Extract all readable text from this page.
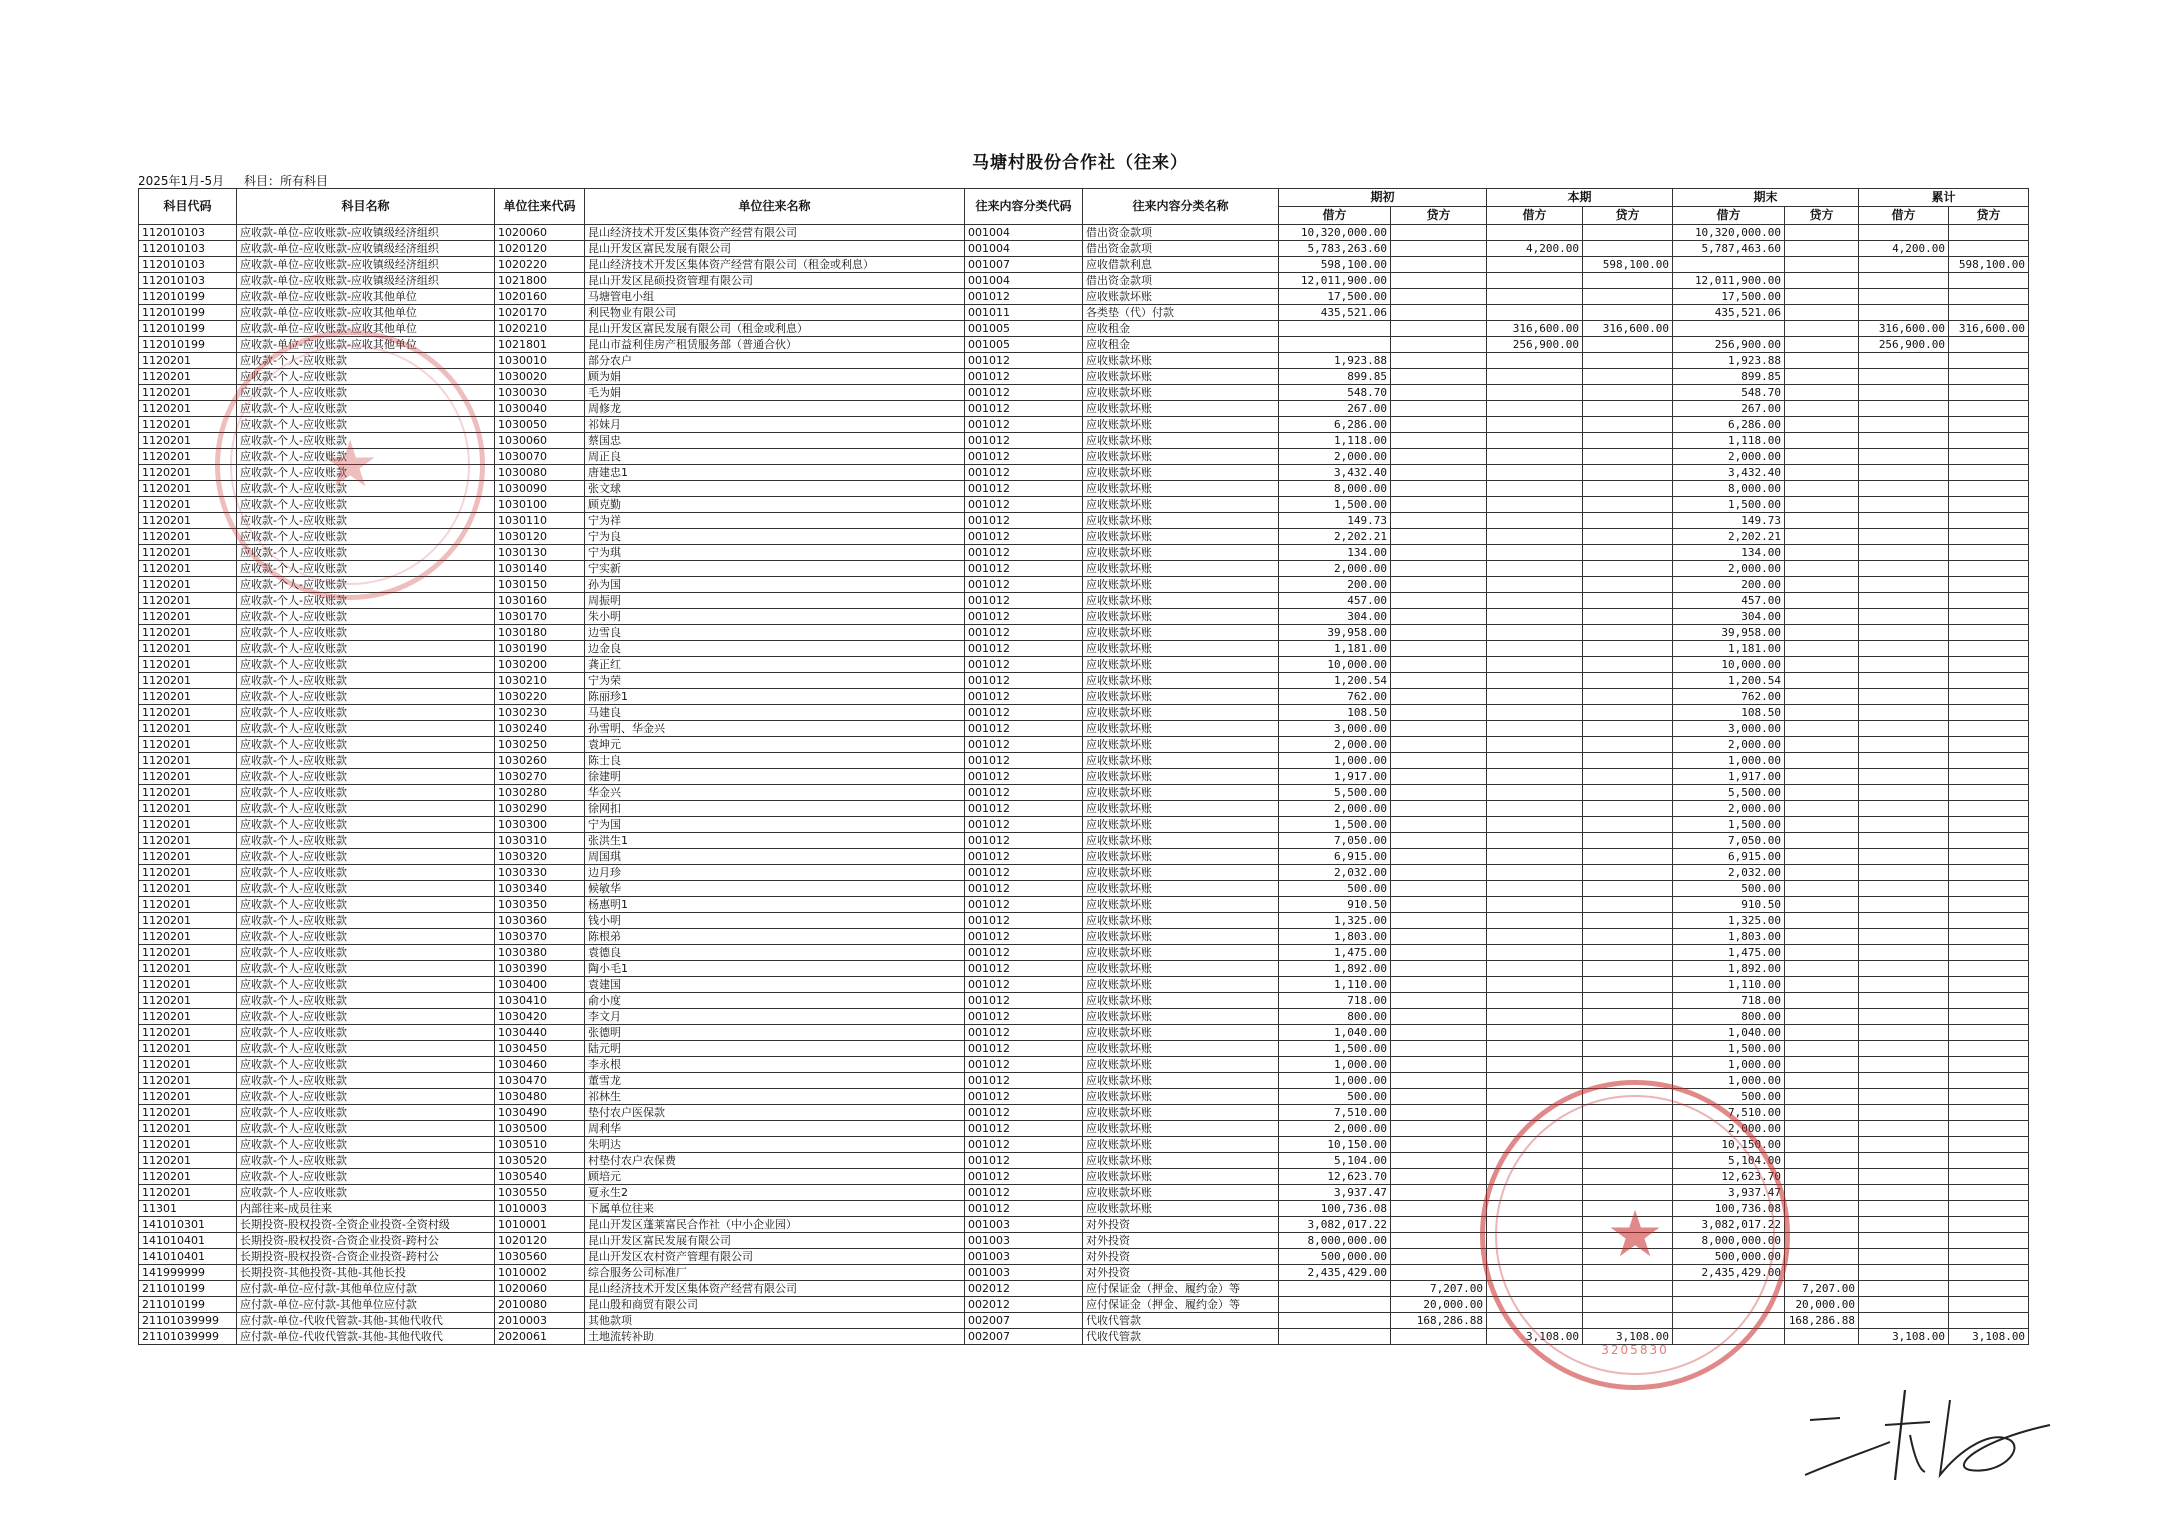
马塘村股份合作社（往来）
2025年1月-5月 科目：所有科目
科目代码	科目名称	单位往来代码	单位往来名称	往来内容分类代码	往来内容分类名称	期初		本期		期末		累计	
						借方	贷方	借方	贷方	借方	贷方	借方	贷方
112010103	应收款-单位-应收账款-应收镇级经济组织	1020060	昆山经济技术开发区集体资产经营有限公司	001004	借出资金款项	10,320,000.00				10,320,000.00			
112010103	应收款-单位-应收账款-应收镇级经济组织	1020120	昆山开发区富民发展有限公司	001004	借出资金款项	5,783,263.60		4,200.00		5,787,463.60		4,200.00	
112010103	应收款-单位-应收账款-应收镇级经济组织	1020220	昆山经济技术开发区集体资产经营有限公司（租金或利息）	001007	应收借款利息	598,100.00			598,100.00				598,100.00
112010103	应收款-单位-应收账款-应收镇级经济组织	1021800	昆山开发区昆硕投资管理有限公司	001004	借出资金款项	12,011,900.00				12,011,900.00			
112010199	应收款-单位-应收账款-应收其他单位	1020160	马塘管电小组	001012	应收账款坏账	17,500.00				17,500.00			
112010199	应收款-单位-应收账款-应收其他单位	1020170	利民物业有限公司	001011	各类垫（代）付款	435,521.06				435,521.06			
112010199	应收款-单位-应收账款-应收其他单位	1020210	昆山开发区富民发展有限公司（租金或利息）	001005	应收租金			316,600.00	316,600.00			316,600.00	316,600.00
112010199	应收款-单位-应收账款-应收其他单位	1021801	昆山市益利佳房产租赁服务部（普通合伙）	001005	应收租金			256,900.00		256,900.00		256,900.00	
1120201	应收款-个人-应收账款	1030010	部分农户	001012	应收账款坏账	1,923.88				1,923.88			
1120201	应收款-个人-应收账款	1030020	顾为娟	001012	应收账款坏账	899.85				899.85			
1120201	应收款-个人-应收账款	1030030	毛为娟	001012	应收账款坏账	548.70				548.70			
1120201	应收款-个人-应收账款	1030040	周修龙	001012	应收账款坏账	267.00				267.00			
1120201	应收款-个人-应收账款	1030050	祁妹月	001012	应收账款坏账	6,286.00				6,286.00			
1120201	应收款-个人-应收账款	1030060	蔡国忠	001012	应收账款坏账	1,118.00				1,118.00			
1120201	应收款-个人-应收账款	1030070	周正良	001012	应收账款坏账	2,000.00				2,000.00			
1120201	应收款-个人-应收账款	1030080	唐建忠1	001012	应收账款坏账	3,432.40				3,432.40			
1120201	应收款-个人-应收账款	1030090	张文球	001012	应收账款坏账	8,000.00				8,000.00			
1120201	应收款-个人-应收账款	1030100	顾克勤	001012	应收账款坏账	1,500.00				1,500.00			
1120201	应收款-个人-应收账款	1030110	宁为祥	001012	应收账款坏账	149.73				149.73			
1120201	应收款-个人-应收账款	1030120	宁为良	001012	应收账款坏账	2,202.21				2,202.21			
1120201	应收款-个人-应收账款	1030130	宁为琪	001012	应收账款坏账	134.00				134.00			
1120201	应收款-个人-应收账款	1030140	宁实新	001012	应收账款坏账	2,000.00				2,000.00			
1120201	应收款-个人-应收账款	1030150	孙为国	001012	应收账款坏账	200.00				200.00			
1120201	应收款-个人-应收账款	1030160	周振明	001012	应收账款坏账	457.00				457.00			
1120201	应收款-个人-应收账款	1030170	朱小明	001012	应收账款坏账	304.00				304.00			
1120201	应收款-个人-应收账款	1030180	边雪良	001012	应收账款坏账	39,958.00				39,958.00			
1120201	应收款-个人-应收账款	1030190	边金良	001012	应收账款坏账	1,181.00				1,181.00			
1120201	应收款-个人-应收账款	1030200	龚正红	001012	应收账款坏账	10,000.00				10,000.00			
1120201	应收款-个人-应收账款	1030210	宁为荣	001012	应收账款坏账	1,200.54				1,200.54			
1120201	应收款-个人-应收账款	1030220	陈丽珍1	001012	应收账款坏账	762.00				762.00			
1120201	应收款-个人-应收账款	1030230	马建良	001012	应收账款坏账	108.50				108.50			
1120201	应收款-个人-应收账款	1030240	孙雪明、华金兴	001012	应收账款坏账	3,000.00				3,000.00			
1120201	应收款-个人-应收账款	1030250	袁坤元	001012	应收账款坏账	2,000.00				2,000.00			
1120201	应收款-个人-应收账款	1030260	陈士良	001012	应收账款坏账	1,000.00				1,000.00			
1120201	应收款-个人-应收账款	1030270	徐建明	001012	应收账款坏账	1,917.00				1,917.00			
1120201	应收款-个人-应收账款	1030280	华金兴	001012	应收账款坏账	5,500.00				5,500.00			
1120201	应收款-个人-应收账款	1030290	徐网扣	001012	应收账款坏账	2,000.00				2,000.00			
1120201	应收款-个人-应收账款	1030300	宁为国	001012	应收账款坏账	1,500.00				1,500.00			
1120201	应收款-个人-应收账款	1030310	张洪生1	001012	应收账款坏账	7,050.00				7,050.00			
1120201	应收款-个人-应收账款	1030320	周国琪	001012	应收账款坏账	6,915.00				6,915.00			
1120201	应收款-个人-应收账款	1030330	边月珍	001012	应收账款坏账	2,032.00				2,032.00			
1120201	应收款-个人-应收账款	1030340	候敏华	001012	应收账款坏账	500.00				500.00			
1120201	应收款-个人-应收账款	1030350	杨惠明1	001012	应收账款坏账	910.50				910.50			
1120201	应收款-个人-应收账款	1030360	钱小明	001012	应收账款坏账	1,325.00				1,325.00			
1120201	应收款-个人-应收账款	1030370	陈根弟	001012	应收账款坏账	1,803.00				1,803.00			
1120201	应收款-个人-应收账款	1030380	袁德良	001012	应收账款坏账	1,475.00				1,475.00			
1120201	应收款-个人-应收账款	1030390	陶小毛1	001012	应收账款坏账	1,892.00				1,892.00			
1120201	应收款-个人-应收账款	1030400	袁建国	001012	应收账款坏账	1,110.00				1,110.00			
1120201	应收款-个人-应收账款	1030410	俞小度	001012	应收账款坏账	718.00				718.00			
1120201	应收款-个人-应收账款	1030420	李文月	001012	应收账款坏账	800.00				800.00			
1120201	应收款-个人-应收账款	1030440	张德明	001012	应收账款坏账	1,040.00				1,040.00			
1120201	应收款-个人-应收账款	1030450	陆元明	001012	应收账款坏账	1,500.00				1,500.00			
1120201	应收款-个人-应收账款	1030460	李永根	001012	应收账款坏账	1,000.00				1,000.00			
1120201	应收款-个人-应收账款	1030470	董雪龙	001012	应收账款坏账	1,000.00				1,000.00			
1120201	应收款-个人-应收账款	1030480	祁林生	001012	应收账款坏账	500.00				500.00			
1120201	应收款-个人-应收账款	1030490	垫付农户医保款	001012	应收账款坏账	7,510.00				7,510.00			
1120201	应收款-个人-应收账款	1030500	周利华	001012	应收账款坏账	2,000.00				2,000.00			
1120201	应收款-个人-应收账款	1030510	朱明达	001012	应收账款坏账	10,150.00				10,150.00			
1120201	应收款-个人-应收账款	1030520	村垫付农户农保费	001012	应收账款坏账	5,104.00				5,104.00			
1120201	应收款-个人-应收账款	1030540	顾培元	001012	应收账款坏账	12,623.70				12,623.70			
1120201	应收款-个人-应收账款	1030550	夏永生2	001012	应收账款坏账	3,937.47				3,937.47			
11301	内部往来-成员往来	1010003	下属单位往来	001012	应收账款坏账	100,736.08				100,736.08			
141010301	长期投资-股权投资-全资企业投资-全资村级	1010001	昆山开发区蓬莱富民合作社（中小企业园）	001003	对外投资	3,082,017.22				3,082,017.22			
141010401	长期投资-股权投资-合资企业投资-跨村公	1020120	昆山开发区富民发展有限公司	001003	对外投资	8,000,000.00				8,000,000.00			
141010401	长期投资-股权投资-合资企业投资-跨村公	1030560	昆山开发区农村资产管理有限公司	001003	对外投资	500,000.00				500,000.00			
141999999	长期投资-其他投资-其他-其他长投	1010002	综合服务公司标准厂	001003	对外投资	2,435,429.00				2,435,429.00			
211010199	应付款-单位-应付款-其他单位应付款	1020060	昆山经济技术开发区集体资产经营有限公司	002012	应付保证金（押金、履约金）等		7,207.00				7,207.00		
211010199	应付款-单位-应付款-其他单位应付款	2010080	昆山殷和商贸有限公司	002012	应付保证金（押金、履约金）等		20,000.00				20,000.00		
21101039999	应付款-单位-代收代管款-其他-其他代收代	2010003	其他款项	002007	代收代管款		168,286.88				168,286.88		
21101039999	应付款-单位-代收代管款-其他-其他代收代	2020061	土地流转补助	002007	代收代管款			3,108.00	3,108.00			3,108.00	3,108.00
★
★
3205830
